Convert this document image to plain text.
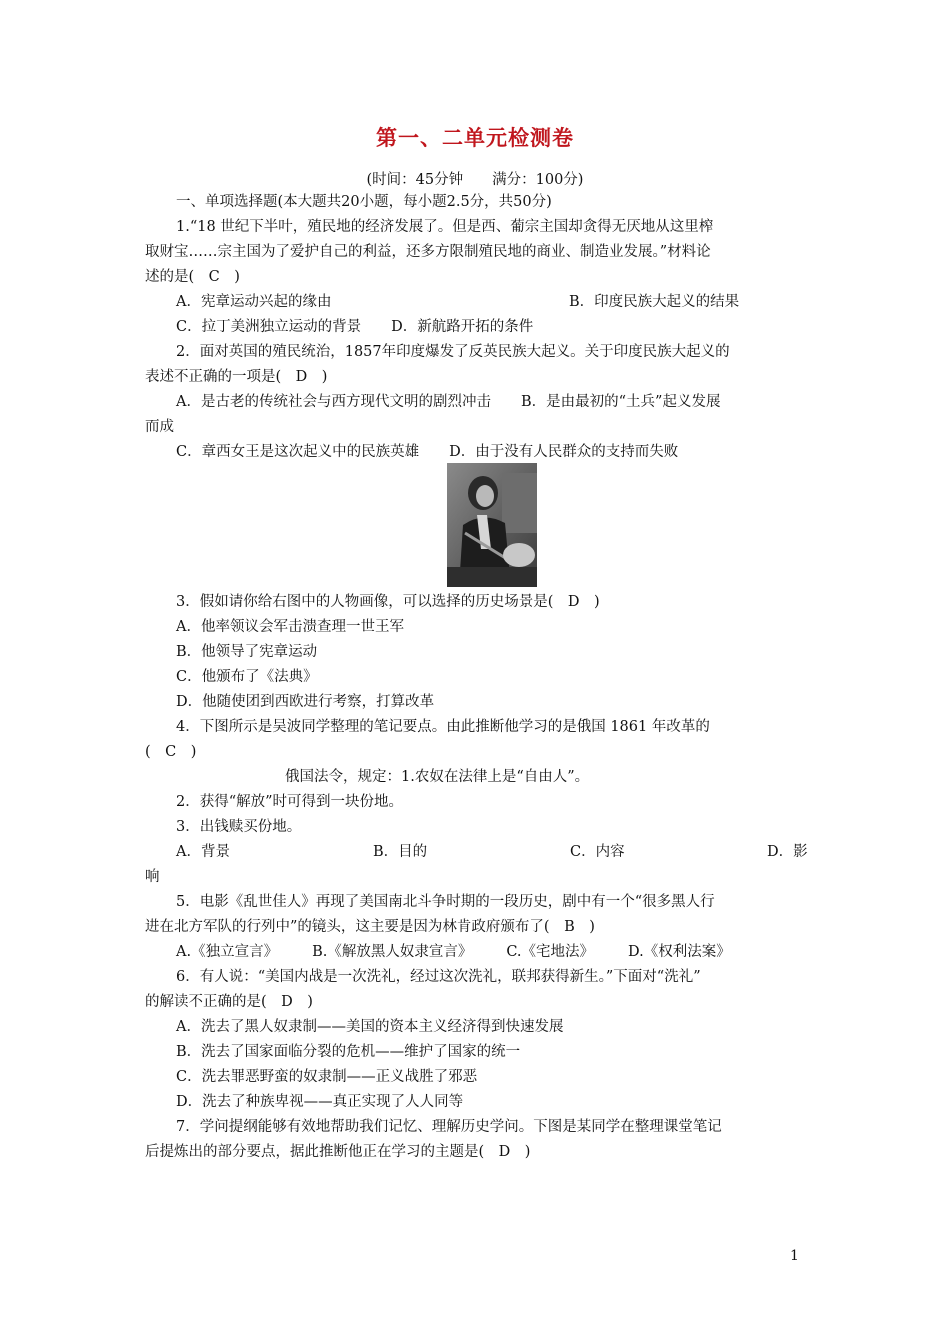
第一、二单元检测卷
(时间：45分钟　　满分：100分)
一、单项选择题(本大题共20小题，每小题2.5分，共50分)
1.“18 世纪下半叶，殖民地的经济发展了。但是西、葡宗主国却贪得无厌地从这里榨
取财宝……宗主国为了爱护自己的利益，还多方限制殖民地的商业、制造业发展。”材料论
述的是(　C　)
A．宪章运动兴起的缘由	B．印度民族大起义的结果
C．拉丁美洲独立运动的背景 D．新航路开拓的条件
2．面对英国的殖民统治，1857年印度爆发了反英民族大起义。关于印度民族大起义的
表述不正确的一项是(　D　)
A．是古老的传统社会与西方现代文明的剧烈冲击 B．是由最初的“土兵”起义发展
而成
C．章西女王是这次起义中的民族英雄 D．由于没有人民群众的支持而失败
3．假如请你给右图中的人物画像，可以选择的历史场景是(　D　)
A．他率领议会军击溃查理一世王军
B．他领导了宪章运动
C．他颁布了《法典》
D．他随使团到西欧进行考察，打算改革
4．下图所示是吴波同学整理的笔记要点。由此推断他学习的是俄国 1861 年改革的
(　C　)
俄国法令，规定：1.农奴在法律上是“自由人”。
2．获得“解放”时可得到一块份地。
3．出钱赎买份地。
A．背景	B．目的	C．内容	D．影
响
5．电影《乱世佳人》再现了美国南北斗争时期的一段历史，剧中有一个“很多黑人行
进在北方军队的行列中”的镜头，这主要是因为林肯政府颁布了(　B　)
A.《独立宣言》 B.《解放黑人奴隶宣言》 C.《宅地法》 D.《权利法案》
6．有人说：“美国内战是一次洗礼，经过这次洗礼，联邦获得新生。”下面对“洗礼”
的解读不正确的是(　D　)
A．洗去了黑人奴隶制——美国的资本主义经济得到快速发展
B．洗去了国家面临分裂的危机——维护了国家的统一
C．洗去罪恶野蛮的奴隶制——正义战胜了邪恶
D．洗去了种族卑视——真正实现了人人同等
7．学问提纲能够有效地帮助我们记忆、理解历史学问。下图是某同学在整理课堂笔记
后提炼出的部分要点，据此推断他正在学习的主题是(　D　)
1
